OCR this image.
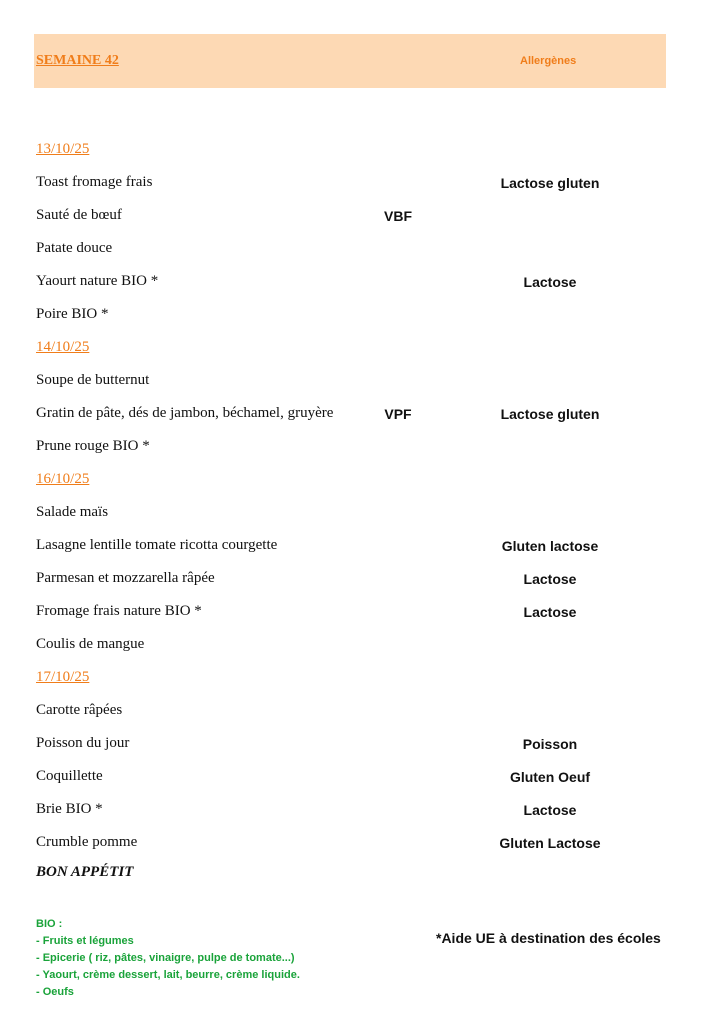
SEMAINE 42	Allergènes
13/10/25
Toast fromage frais	Lactose gluten
Sauté de bœuf	VBF
Patate douce
Yaourt nature BIO *	Lactose
Poire BIO *
14/10/25
Soupe de butternut
Gratin de pâte, dés de jambon, béchamel, gruyère	VPF	Lactose gluten
Prune rouge BIO *
16/10/25
Salade maïs
Lasagne lentille tomate ricotta courgette	Gluten lactose
Parmesan et mozzarella râpée	Lactose
Fromage frais nature BIO *	Lactose
Coulis de mangue
17/10/25
Carotte râpées
Poisson du jour	Poisson
Coquillette	Gluten Oeuf
Brie BIO *	Lactose
Crumble pomme	Gluten Lactose
BON APPÉTIT
BIO :
- Fruits et légumes
- Epicerie ( riz, pâtes, vinaigre, pulpe de tomate...)
- Yaourt, crème dessert, lait, beurre, crème liquide.
- Oeufs
*Aide UE à destination des écoles
